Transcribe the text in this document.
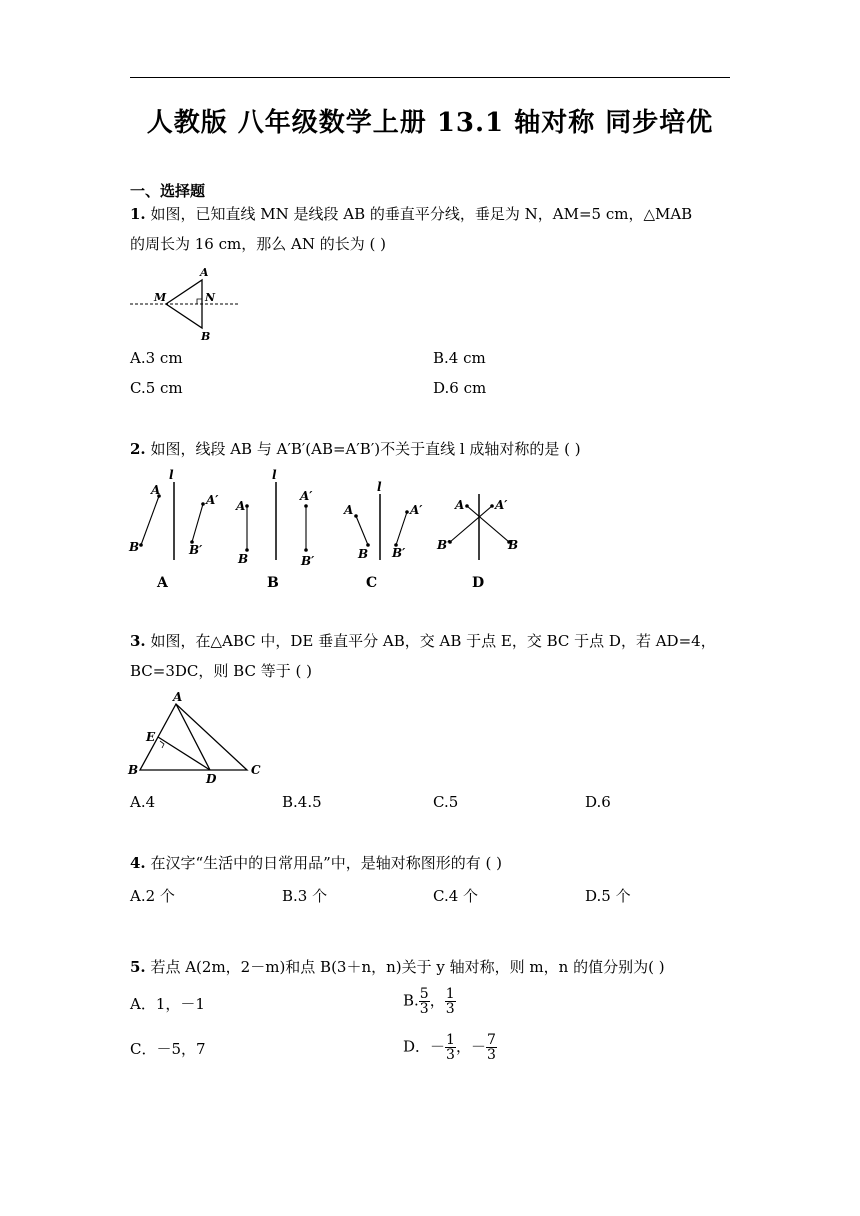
人教版 八年级数学上册 13.1 轴对称 同步培优
一、选择题
1. 如图，已知直线 MN 是线段 AB 的垂直平分线，垂足为 N，AM=5 cm，△MAB
的周长为 16 cm，那么 AN 的长为 ( )
A
B
M	N
A.3 cm	B.4 cm
C.5 cm	D.6 cm
2. 如图，线段 AB 与 A′B′(AB=A′B′)不关于直线 l 成轴对称的是 ( )
l
A
B
A′
B′
l
A
B
A′
B′
l
A
B
A′
B′
A	A′
B′	B
A	B	C	D
3. 如图，在△ABC 中，DE 垂直平分 AB，交 AB 于点 E，交 BC 于点 D，若 AD=4，
BC=3DC，则 BC 等于 ( )
A
E
B
D
C
A.4	B.4.5	C.5	D.6
4. 在汉字“生活中的日常用品”中，是轴对称图形的有 ( )
A.2 个	B.3 个	C.4 个	D.5 个
5. 若点 A(2m，2－m)和点 B(3＋n，n)关于 y 轴对称，则 m，n 的值分别为( )
A．1，－1	B. $\frac{5}{3}$ ， $\frac{1}{3}$
C．－5，7	D．－ $\frac{1}{3}$ ，－ $\frac{7}{3}$
